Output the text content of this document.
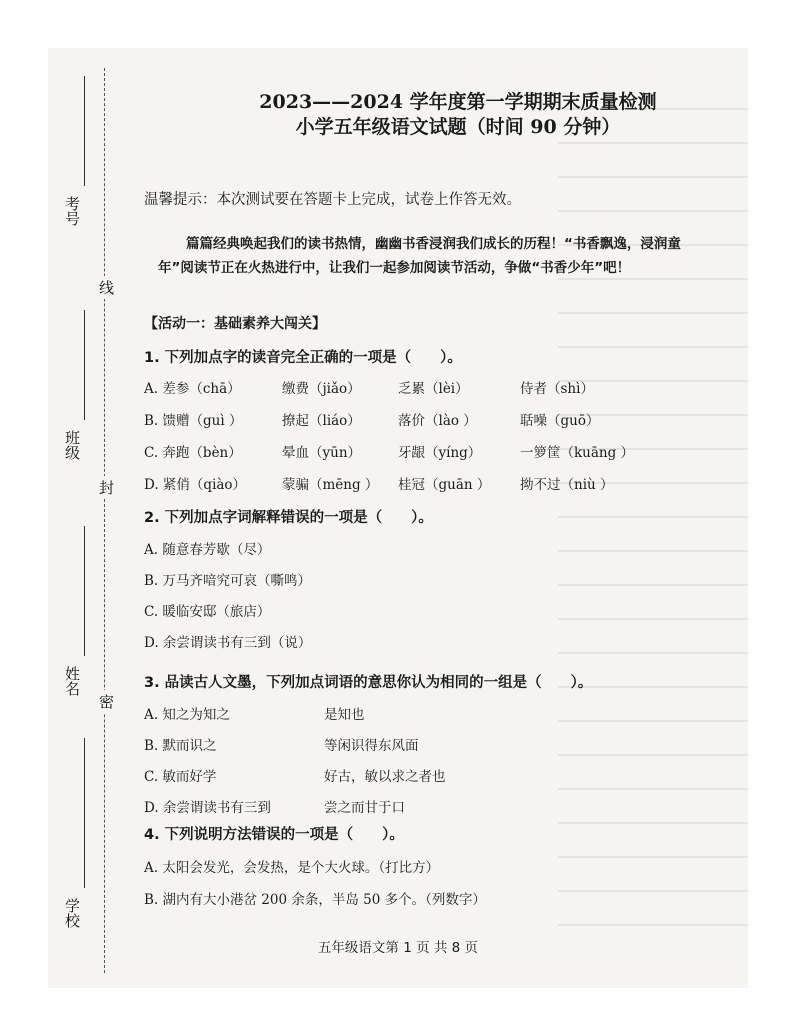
考号
线
班级
封
姓名
密
学校
2023——2024 学年度第一学期期末质量检测
小学五年级语文试题（时间 90 分钟）
温馨提示：本次测试要在答题卡上完成，试卷上作答无效。
篇篇经典唤起我们的读书热情，幽幽书香浸润我们成长的历程！“书香飘逸，浸润童年”阅读节正在火热进行中，让我们一起参加阅读节活动，争做“书香少年”吧！
【活动一：基础素养大闯关】
1. 下列加点字的读音完全正确的一项是（　　）。
A. 差参（chā）	缴费（jiǎo）	乏累（lèi）	侍者（shì）
B. 馈赠（guì ）	撩起（liáo）	落价（lào ）	聒噪（guō）
C. 奔跑（bèn）	晕血（yūn）	牙龈（yíng）	一箩筐（kuāng ）
D. 紧俏（qiào）	蒙骗（mēng ） 桂冠（guān ） 拗不过（niù ）
2. 下列加点字词解释错误的一项是（　　）。
A. 随意春芳歇（尽）
B. 万马齐喑究可哀（嘶鸣）
C. 暖临安邸（旅店）
D. 余尝谓读书有三到（说）
3. 品读古人文墨，下列加点词语的意思你认为相同的一组是（　　）。
A. 知之为知之	是知也
B. 默而识之	等闲识得东风面
C. 敏而好学	好古，敏以求之者也
D. 余尝谓读书有三到	尝之而甘于口
4. 下列说明方法错误的一项是（　　）。
A. 太阳会发光，会发热，是个大火球。（打比方）
B. 湖内有大小港岔 200 余条，半岛 50 多个。（列数字）
五年级语文第 1 页 共 8 页
